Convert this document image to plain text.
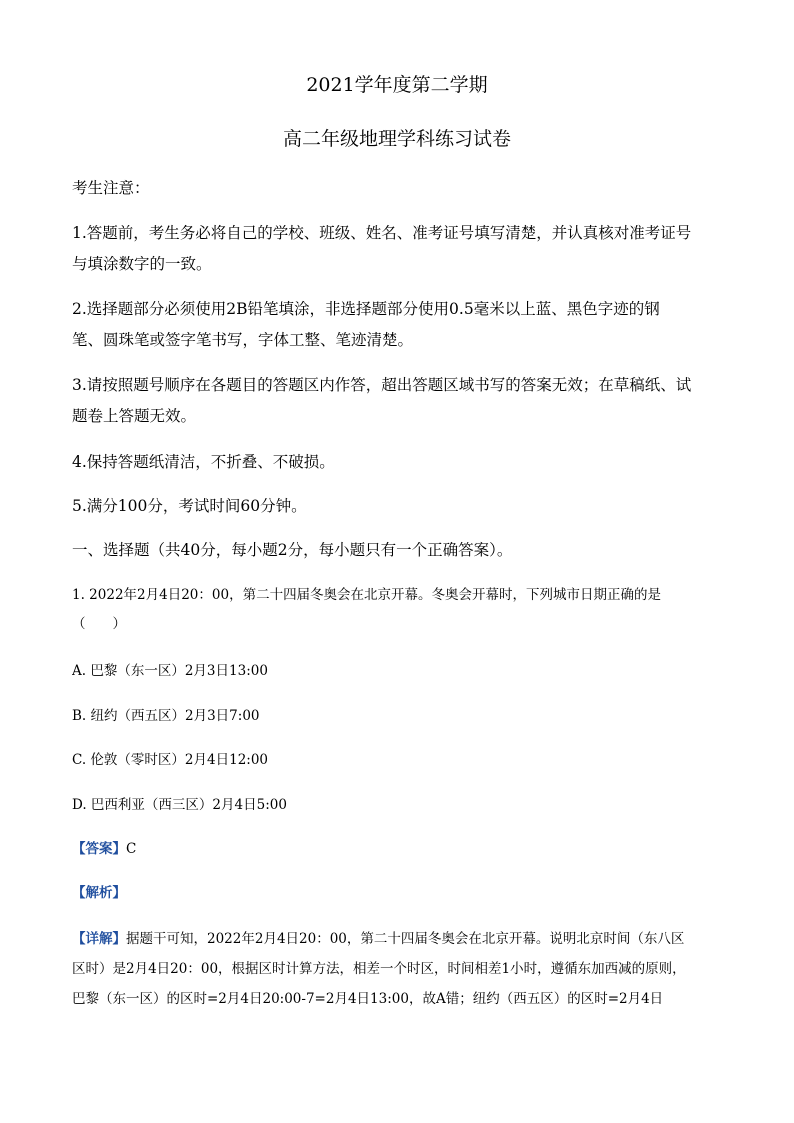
2021学年度第二学期
高二年级地理学科练习试卷
考生注意：
1.答题前，考生务必将自己的学校、班级、姓名、准考证号填写清楚，并认真核对准考证号
与填涂数字的一致。
2.选择题部分必须使用2B铅笔填涂，非选择题部分使用0.5毫米以上蓝、黑色字迹的钢
笔、圆珠笔或签字笔书写，字体工整、笔迹清楚。
3.请按照题号顺序在各题目的答题区内作答，超出答题区域书写的答案无效；在草稿纸、试
题卷上答题无效。
4.保持答题纸清洁，不折叠、不破损。
5.满分100分，考试时间60分钟。
一、选择题（共40分，每小题2分，每小题只有一个正确答案）。
1. 2022年2月4日20：00，第二十四届冬奥会在北京开幕。冬奥会开幕时，下列城市日期正确的是
（　　）
A. 巴黎（东一区）2月3日13:00
B. 纽约（西五区）2月3日7:00
C. 伦敦（零时区）2月4日12:00
D. 巴西利亚（西三区）2月4日5:00
【答案】C
【解析】
【详解】据题干可知，2022年2月4日20：00，第二十四届冬奥会在北京开幕。说明北京时间（东八区
区时）是2月4日20：00，根据区时计算方法，相差一个时区，时间相差1小时，遵循东加西减的原则，
巴黎（东一区）的区时=2月4日20:00-7=2月4日13:00，故A错；纽约（西五区）的区时=2月4日
